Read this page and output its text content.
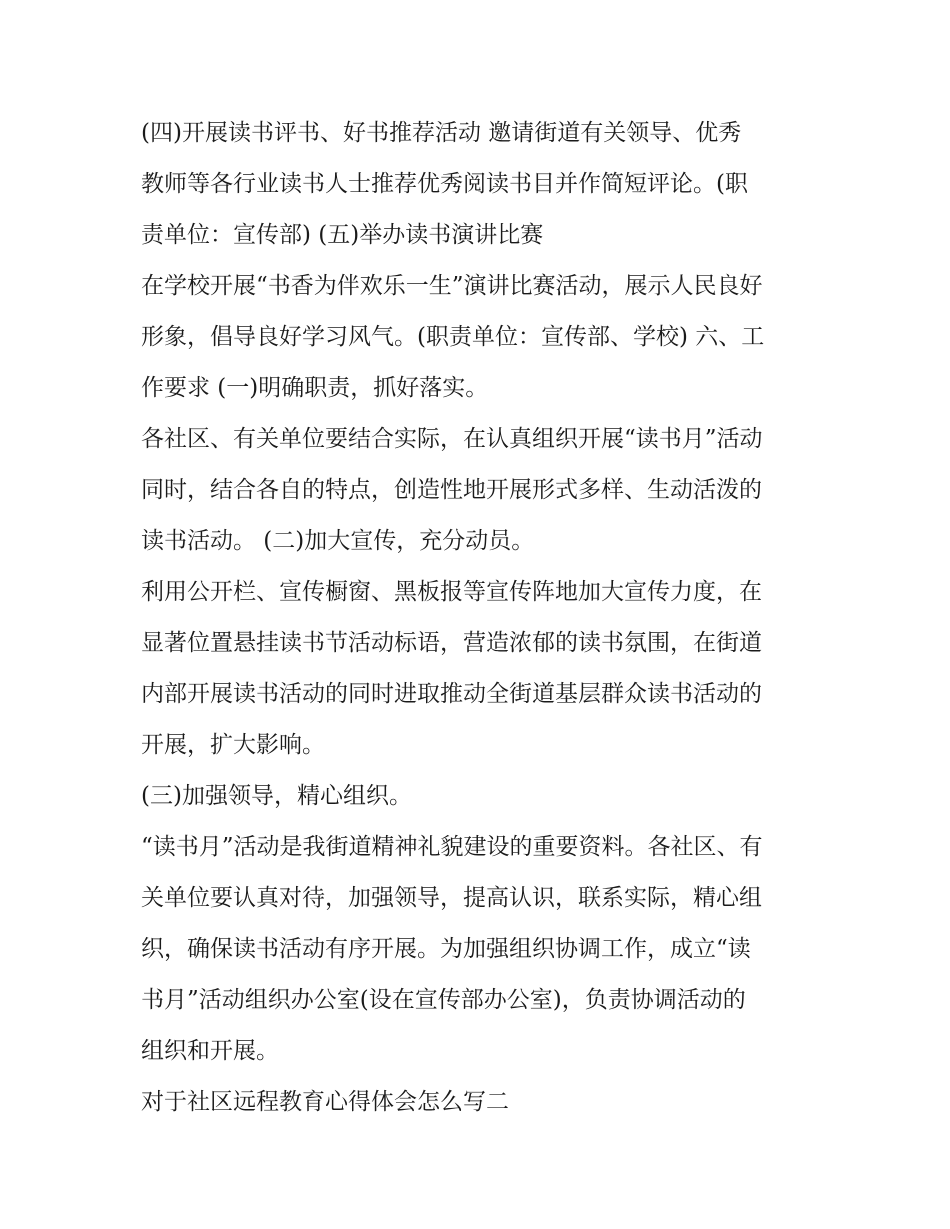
(四)开展读书评书、好书推荐活动 邀请街道有关领导、优秀
教师等各行业读书人士推荐优秀阅读书目并作简短评论。(职
责单位：宣传部) (五)举办读书演讲比赛

在学校开展“书香为伴欢乐一生”演讲比赛活动，展示人民良好
形象，倡导良好学习风气。(职责单位：宣传部、学校) 六、工
作要求 (一)明确职责，抓好落实。

各社区、有关单位要结合实际，在认真组织开展“读书月”活动
同时，结合各自的特点，创造性地开展形式多样、生动活泼的
读书活动。 (二)加大宣传，充分动员。

利用公开栏、宣传橱窗、黑板报等宣传阵地加大宣传力度，在
显著位置悬挂读书节活动标语，营造浓郁的读书氛围，在街道
内部开展读书活动的同时进取推动全街道基层群众读书活动的
开展，扩大影响。

(三)加强领导，精心组织。

“读书月”活动是我街道精神礼貌建设的重要资料。各社区、有
关单位要认真对待，加强领导，提高认识，联系实际，精心组
织，确保读书活动有序开展。为加强组织协调工作，成立“读
书月”活动组织办公室(设在宣传部办公室)，负责协调活动的
组织和开展。

对于社区远程教育心得体会怎么写二
